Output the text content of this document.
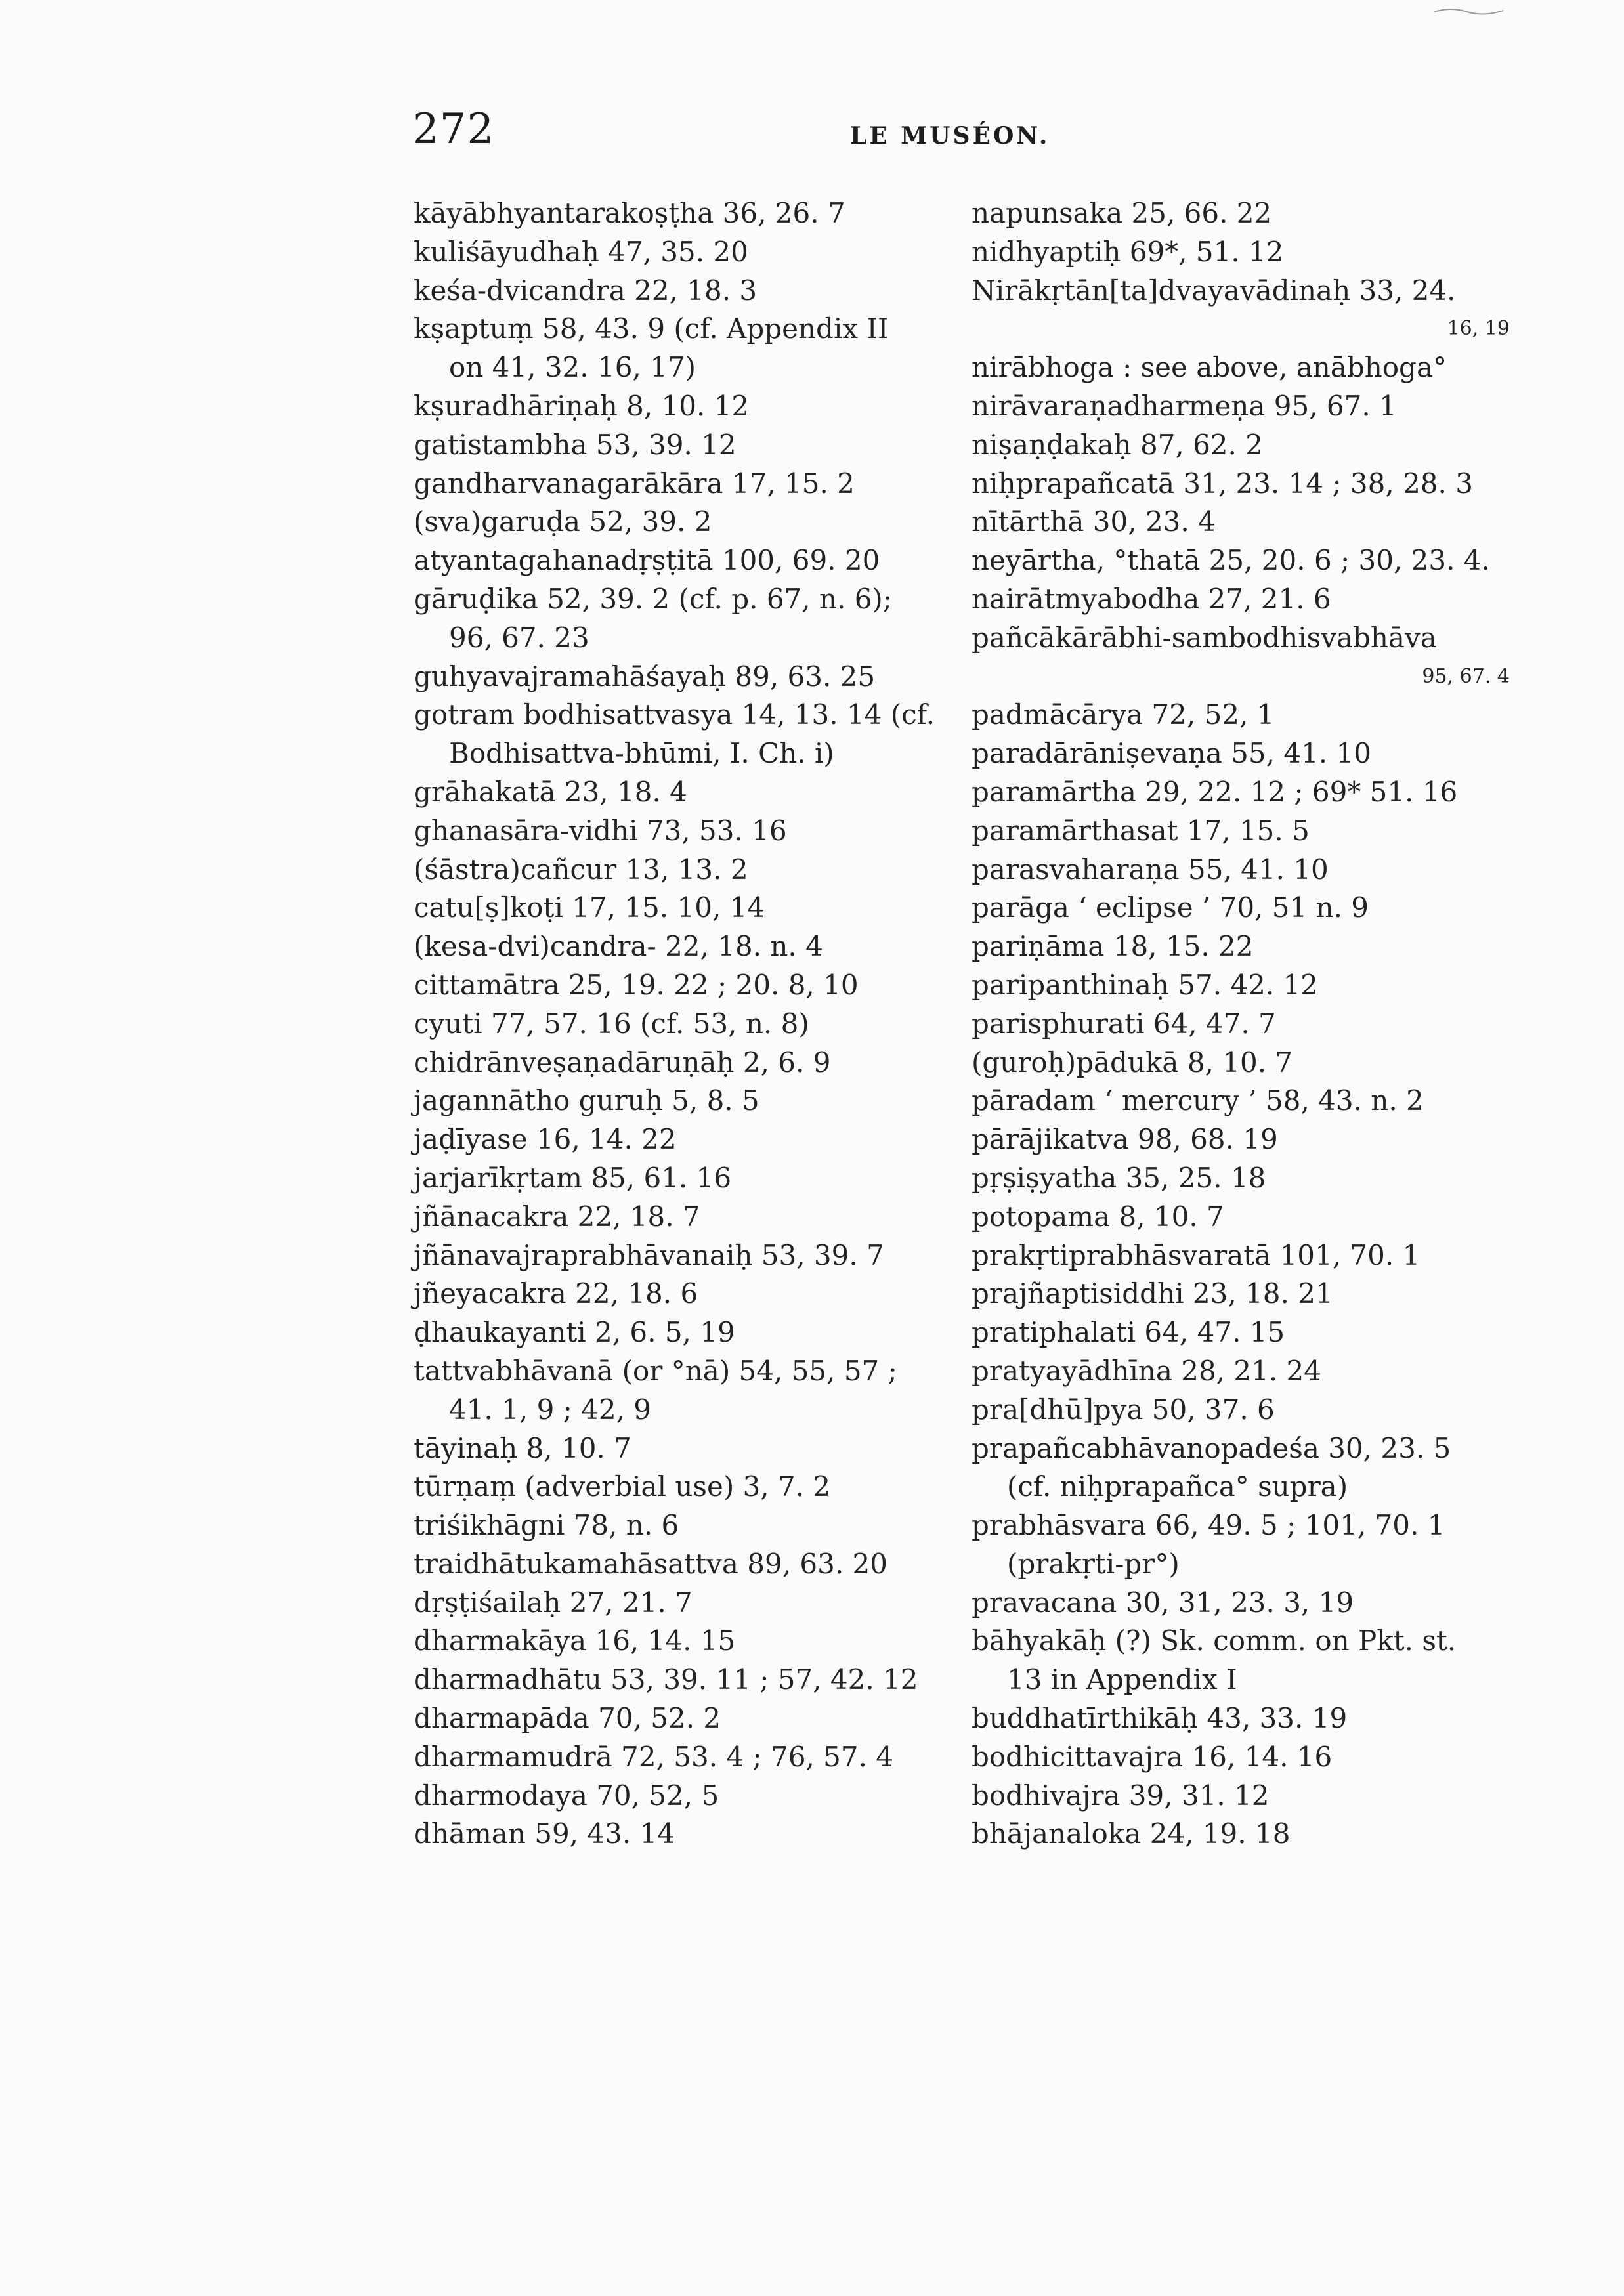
272	LE MUSÉON.
kāyābhyantarakoṣṭha 36, 26. 7
kuliśāyudhaḥ 47, 35. 20
keśa-dvicandra 22, 18. 3
kṣaptuṃ 58, 43. 9 (cf. Appendix II
on 41, 32. 16, 17)
kṣuradhāriṇaḥ 8, 10. 12
gatistambha 53, 39. 12
gandharvanagarākāra 17, 15. 2
(sva)garuḍa 52, 39. 2
atyantagahanadṛṣṭitā 100, 69. 20
gāruḍika 52, 39. 2 (cf. p. 67, n. 6);
96, 67. 23
guhyavajramahāśayaḥ 89, 63. 25
gotram bodhisattvasya 14, 13. 14 (cf.
Bodhisattva-bhūmi, I. Ch. i)
grāhakatā 23, 18. 4
ghanasāra-vidhi 73, 53. 16
(śāstra)cañcur 13, 13. 2
catu[ṣ]koṭi 17, 15. 10, 14
(kesa-dvi)candra- 22, 18. n. 4
cittamātra 25, 19. 22 ; 20. 8, 10
cyuti 77, 57. 16 (cf. 53, n. 8)
chidrānveṣaṇadāruṇāḥ 2, 6. 9
jagannātho guruḥ 5, 8. 5
jaḍīyase 16, 14. 22
jarjarīkṛtam 85, 61. 16
jñānacakra 22, 18. 7
jñānavajraprabhāvanaiḥ 53, 39. 7
jñeyacakra 22, 18. 6
ḍhaukayanti 2, 6. 5, 19
tattvabhāvanā (or °nā) 54, 55, 57 ;
41. 1, 9 ; 42, 9
tāyinaḥ 8, 10. 7
tūrṇaṃ (adverbial use) 3, 7. 2
triśikhāgni 78, n. 6
traidhātukamahāsattva 89, 63. 20
dṛṣṭiśailaḥ 27, 21. 7
dharmakāya 16, 14. 15
dharmadhātu 53, 39. 11 ; 57, 42. 12
dharmapāda 70, 52. 2
dharmamudrā 72, 53. 4 ; 76, 57. 4
dharmodaya 70, 52, 5
dhāman 59, 43. 14
napunsaka 25, 66. 22
nidhyaptiḥ 69*, 51. 12
Nirākṛtān[ta]dvayavādinaḥ 33, 24.
16, 19
nirābhoga : see above, anābhoga°
nirāvaraṇadharmeṇa 95, 67. 1
niṣaṇḍakaḥ 87, 62. 2
niḥprapañcatā 31, 23. 14 ; 38, 28. 3
nītārthā 30, 23. 4
neyārtha, °thatā 25, 20. 6 ; 30, 23. 4.
nairātmyabodha 27, 21. 6
pañcākārābhi-sambodhisvabhāva
95, 67. 4
padmācārya 72, 52, 1
paradārāniṣevaṇa 55, 41. 10
paramārtha 29, 22. 12 ; 69* 51. 16
paramārthasat 17, 15. 5
parasvaharaṇa 55, 41. 10
parāga ‘ eclipse ’ 70, 51 n. 9
pariṇāma 18, 15. 22
paripanthinaḥ 57. 42. 12
parisphurati 64, 47. 7
(guroḥ)pādukā 8, 10. 7
pāradam ‘ mercury ’ 58, 43. n. 2
pārājikatva 98, 68. 19
pṛṣiṣyatha 35, 25. 18
potopama 8, 10. 7
prakṛtiprabhāsvaratā 101, 70. 1
prajñaptisiddhi 23, 18. 21
pratiphalati 64, 47. 15
pratyayādhīna 28, 21. 24
pra[dhū]pya 50, 37. 6
prapañcabhāvanopadeśa 30, 23. 5
(cf. niḥprapañca° supra)
prabhāsvara 66, 49. 5 ; 101, 70. 1
(prakṛti-pr°)
pravacana 30, 31, 23. 3, 19
bāhyakāḥ (?) Sk. comm. on Pkt. st.
13 in Appendix I
buddhatīrthikāḥ 43, 33. 19
bodhicittavajra 16, 14. 16
bodhivajra 39, 31. 12
bhājanaloka 24, 19. 18
